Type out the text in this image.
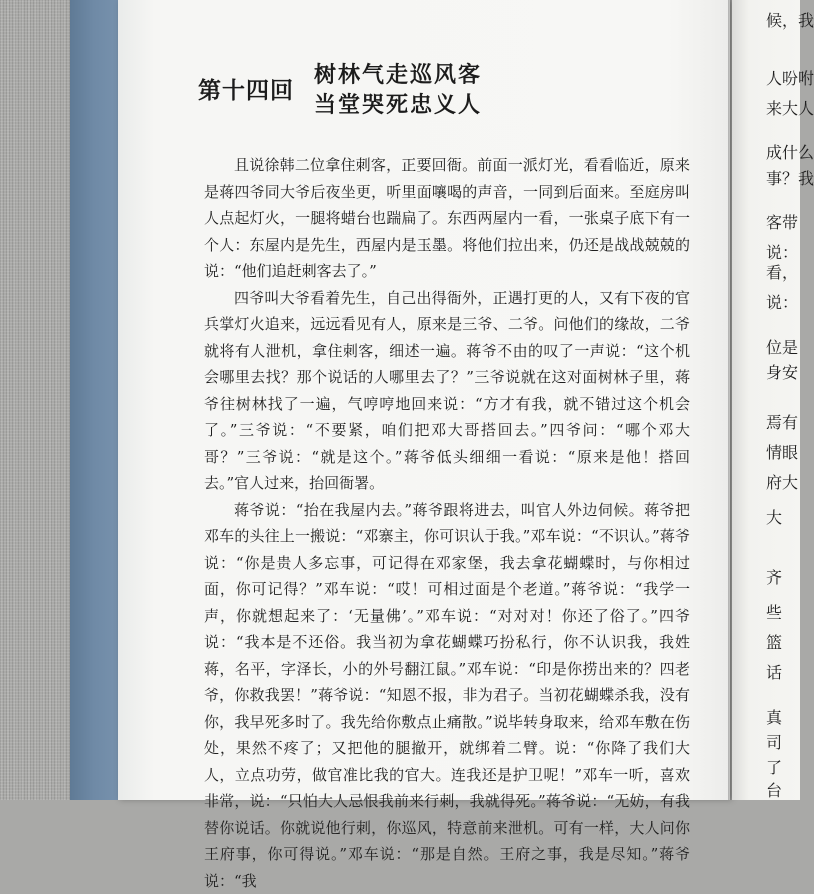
第十四回
树林气走巡风客
当堂哭死忠义人

且说徐韩二位拿住刺客，正要回衙。前面一派灯光，看看临近，原来是蒋四爷同大爷后夜坐更，听里面嚷喝的声音，一同到后面来。至庭房叫人点起灯火，一腿将蜡台也踹扁了。东西两屋内一看，一张桌子底下有一个人：东屋内是先生，西屋内是玉墨。将他们拉出来，仍还是战战兢兢的说：“他们追赶刺客去了。”

四爷叫大爷看着先生，自己出得衙外，正遇打更的人，又有下夜的官兵掌灯火追来，远远看见有人，原来是三爷、二爷。问他们的缘故，二爷就将有人泄机，拿住刺客，细述一遍。蒋爷不由的叹了一声说：“这个机会哪里去找？那个说话的人哪里去了？”三爷说就在这对面树林子里，蒋爷往树林找了一遍，气哼哼地回来说：“方才有我，就不错过这个机会了。”三爷说：“不要紧，咱们把邓大哥搭回去。”四爷问：“哪个邓大哥？”三爷说：“就是这个。”蒋爷低头细细一看说：“原来是他！搭回去。”官人过来，抬回衙署。

蒋爷说：“抬在我屋内去。”蒋爷跟将进去，叫官人外边伺候。蒋爷把邓车的头往上一搬说：“邓寨主，你可识认于我。”邓车说：“不识认。”蒋爷说：“你是贵人多忘事，可记得在邓家堡，我去拿花蝴蝶时，与你相过面，你可记得？”邓车说：“哎！可相过面是个老道。”蒋爷说：“我学一声，你就想起来了：‘无量佛’。”邓车说：“对对对！你还了俗了。”四爷说：“我本是不还俗。我当初为拿花蝴蝶巧扮私行，你不认识我，我姓蒋，名平，字泽长，小的外号翻江鼠。”邓车说：“印是你捞出来的？四老爷，你救我罢！”蒋爷说：“知恩不报，非为君子。当初花蝴蝶杀我，没有你，我早死多时了。我先给你敷点止痛散。”说毕转身取来，给邓车敷在伤处，果然不疼了；又把他的腿撤开，就绑着二臂。说：“你降了我们大人，立点功劳，做官准比我的官大。连我还是护卫呢！”邓车一听，喜欢非常，说：“只怕大人忌恨我前来行刺，我就得死。”蒋爷说：“无妨，有我替你说话。你就说他行刺，你巡风，特意前来泄机。可有一样，大人问你王府事，你可得说。”邓车说：“那是自然。王府之事，我是尽知。”蒋爷说：“我

候，我
人吩咐
来大人
成什么
事？我
客带
说：
看，
说：
位是
身安
焉有
情眼
府大
大
齐
些
篮
话
真
司
了
台
